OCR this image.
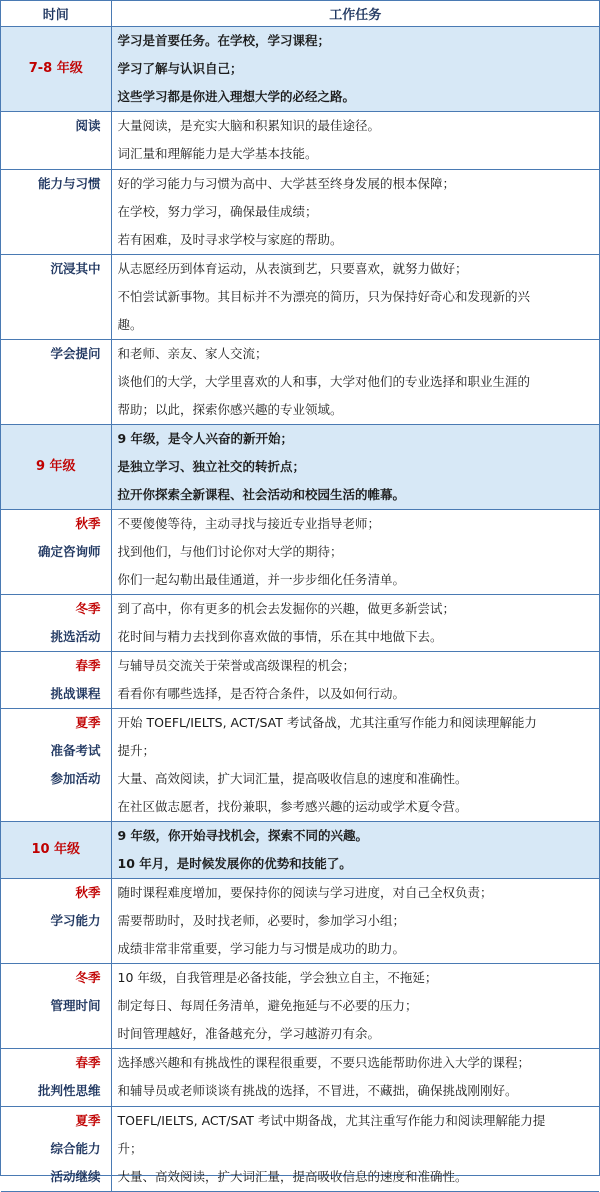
时间	工作任务

7-8 年级	学习是首要任务。在学校，学习课程；
学习了解与认识自己；
这些学习都是你进入理想大学的必经之路。

阅读	大量阅读，是充实大脑和积累知识的最佳途径。
词汇量和理解能力是大学基本技能。

能力与习惯	好的学习能力与习惯为高中、大学甚至终身发展的根本保障；
在学校，努力学习，确保最佳成绩；
若有困难，及时寻求学校与家庭的帮助。

沉浸其中	从志愿经历到体育运动，从表演到艺，只要喜欢，就努力做好；
不怕尝试新事物。其目标并不为漂亮的简历，只为保持好奇心和发现新的兴
趣。

学会提问	和老师、亲友、家人交流；
谈他们的大学，大学里喜欢的人和事，大学对他们的专业选择和职业生涯的
帮助；以此，探索你感兴趣的专业领域。

9 年级	9 年级，是令人兴奋的新开始；
是独立学习、独立社交的转折点；
拉开你探索全新课程、社会活动和校园生活的帷幕。

秋季
确定咨询师	不要傻傻等待，主动寻找与接近专业指导老师；
找到他们，与他们讨论你对大学的期待；
你们一起勾勒出最佳通道，并一步步细化任务清单。

冬季
挑选活动	到了高中，你有更多的机会去发掘你的兴趣，做更多新尝试；
花时间与精力去找到你喜欢做的事情，乐在其中地做下去。

春季
挑战课程	与辅导员交流关于荣誉或高级课程的机会；
看看你有哪些选择，是否符合条件，以及如何行动。

夏季
准备考试
参加活动	开始 TOEFL/IELTS, ACT/SAT 考试备战，尤其注重写作能力和阅读理解能力
提升；
大量、高效阅读，扩大词汇量，提高吸收信息的速度和准确性。
在社区做志愿者，找份兼职，参考感兴趣的运动或学术夏令营。

10 年级	9 年级，你开始寻找机会，探索不同的兴趣。
10 年月，是时候发展你的优势和技能了。

秋季
学习能力	随时课程难度增加，要保持你的阅读与学习进度，对自己全权负责；
需要帮助时，及时找老师，必要时，参加学习小组；
成绩非常非常重要，学习能力与习惯是成功的助力。

冬季
管理时间	10 年级，自我管理是必备技能，学会独立自主，不拖延；
制定每日、每周任务清单，避免拖延与不必要的压力；
时间管理越好，准备越充分，学习越游刃有余。

春季
批判性思维	选择感兴趣和有挑战性的课程很重要，不要只选能帮助你进入大学的课程；
和辅导员或老师谈谈有挑战的选择，不冒进，不藏拙，确保挑战刚刚好。

夏季
综合能力
活动继续	TOEFL/IELTS, ACT/SAT 考试中期备战，尤其注重写作能力和阅读理解能力提
升；
大量、高效阅读，扩大词汇量，提高吸收信息的速度和准确性。
